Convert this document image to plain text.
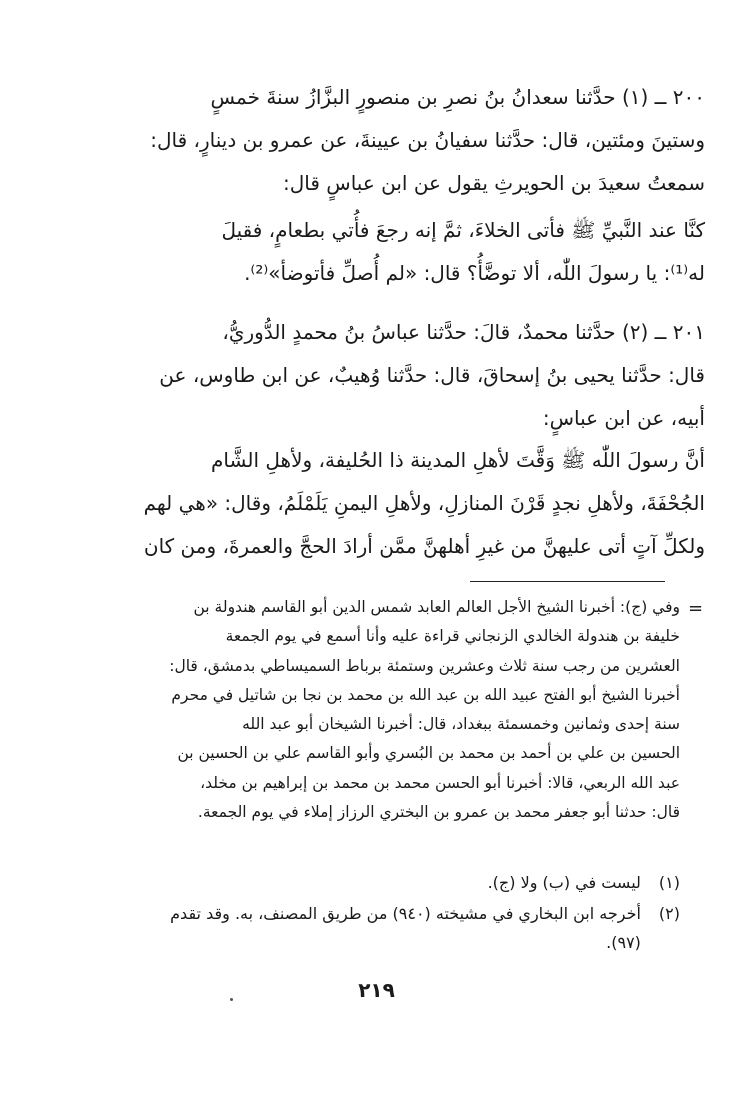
٢٠٠ ــ (١) حدَّثنا سعدانُ بنُ نصرِ بن منصورٍ البزَّازُ سنةَ خمسٍ

وستينَ ومئتين، قال: حدَّثنا سفيانُ بن عيينةَ، عن عمرو بن دينارٍ، قال:

سمعتُ سعيدَ بن الحويرثِ يقول عن ابن عباسٍ قال:

كنَّا عند النَّبيِّ ﷺ فأتى الخلاءَ، ثمَّ إنه رجعَ فأُتي بطعامٍ، فقيلَ

له⁽¹⁾: يا رسولَ اللّٰه، ألا توضَّأُ؟ قال: «لم أُصلِّ فأتوضأ»⁽²⁾.

٢٠١ ــ (٢) حدَّثنا محمدٌ، قالَ: حدَّثنا عباسُ بنُ محمدٍ الدُّوريُّ،

قال: حدَّثنا يحيى بنُ إسحاقَ، قال: حدَّثنا وُهيبٌ، عن ابن طاوس، عن

أبيه، عن ابن عباسٍ:

أنَّ رسولَ اللّٰه ﷺ وَقَّتَ لأهلِ المدينة ذا الحُليفة، ولأهلِ الشَّام

الجُحْفَةَ، ولأهلِ نجدٍ قَرْنَ المنازلِ، ولأهلِ اليمنِ يَلَمْلَمُ، وقال: «هي لهم

ولكلِّ آتٍ أتى عليهنَّ من غيرِ أهلهنَّ ممَّن أرادَ الحجَّ والعمرةَ، ومن كان

=

وفي (ج): أخبرنا الشيخ الأجل العالم العابد شمس الدين أبو القاسم هندولة بن

خليفة بن هندولة الخالدي الزنجاني قراءة عليه وأنا أسمع في يوم الجمعة

العشرين من رجب سنة ثلاث وعشرين وستمئة برباط السميساطي بدمشق، قال:

أخبرنا الشيخ أبو الفتح عبيد الله بن عبد الله بن محمد بن نجا بن شاتيل في محرم

سنة إحدى وثمانين وخمسمئة ببغداد، قال: أخبرنا الشيخان أبو عبد الله

الحسين بن علي بن أحمد بن محمد بن البُسري وأبو القاسم علي بن الحسين بن

عبد الله الربعي، قالا: أخبرنا أبو الحسن محمد بن محمد بن إبراهيم بن مخلد،

قال: حدثنا أبو جعفر محمد بن عمرو بن البختري الرزاز إملاء في يوم الجمعة.

(١) ليست في (ب) ولا (ج).

(٢) أخرجه ابن البخاري في مشيخته (٩٤٠) من طريق المصنف، به. وقد تقدم

(٩٧).

٢١٩
